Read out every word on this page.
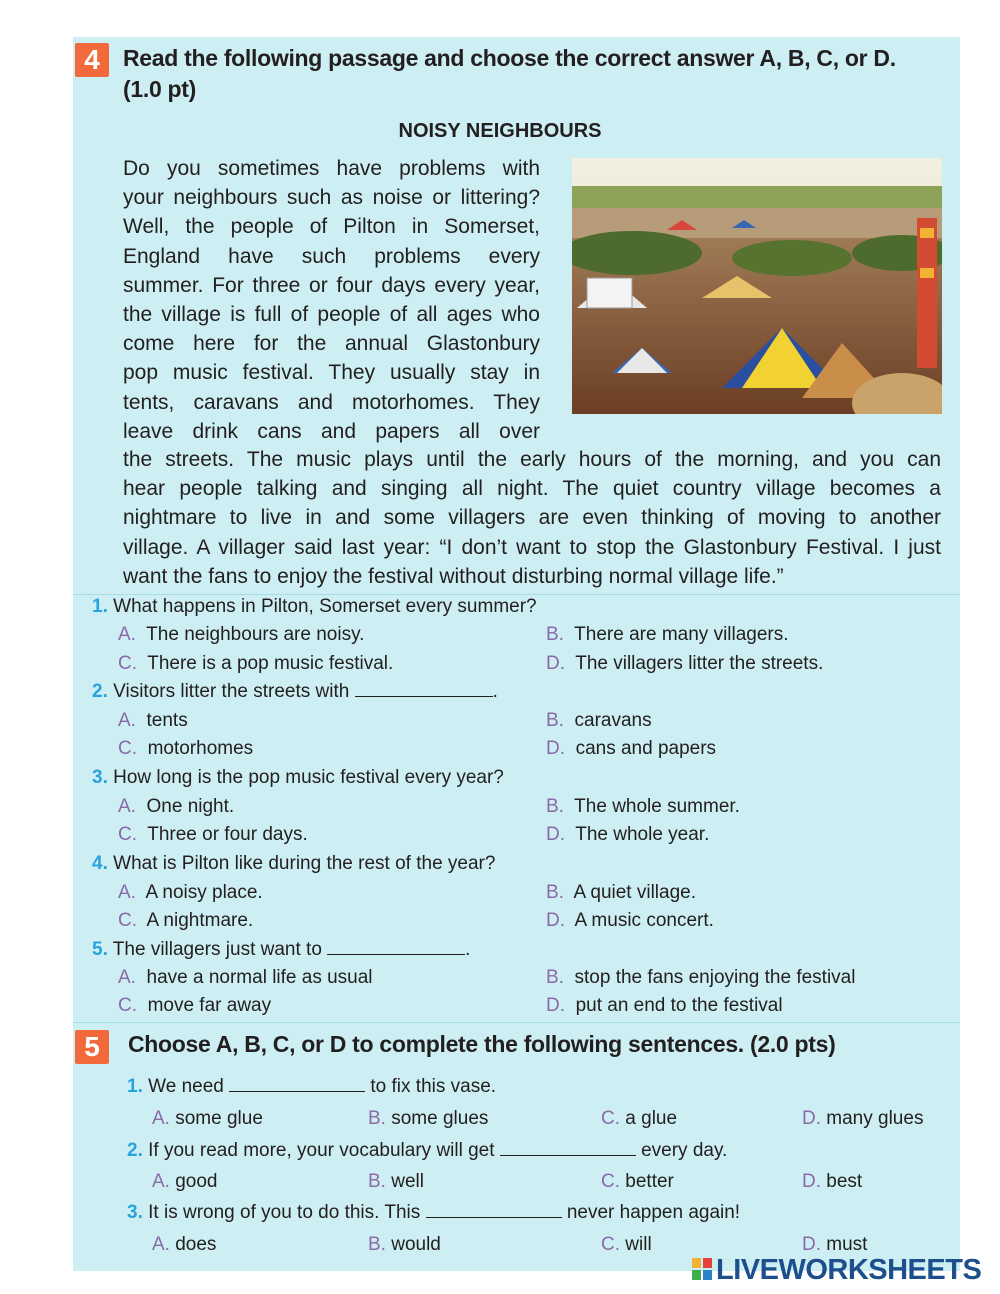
4	Read the following passage and choose the correct answer A, B, C, or D.
(1.0 pt)
NOISY NEIGHBOURS

Do you sometimes have problems with

your neighbours such as noise or littering?

Well, the people of Pilton in Somerset,

England have such problems every

summer. For three or four days every year,

the village is full of people of all ages who

come here for the annual Glastonbury

pop music festival. They usually stay in

tents, caravans and motorhomes. They

leave drink cans and papers all over

the streets. The music plays until the early hours of the morning, and you can

hear people talking and singing all night. The quiet country village becomes a

nightmare to live in and some villagers are even thinking of moving to another

village. A villager said last year: “I don’t want to stop the Glastonbury Festival. I just

want the fans to enjoy the festival without disturbing normal village life.”

1. What happens in Pilton, Somerset every summer?
A. The neighbours are noisy.	B. There are many villagers.
C. There is a pop music festival.	D. The villagers litter the streets.
2. Visitors litter the streets with	.
A. tents	B. caravans
C. motorhomes	D. cans and papers
3. How long is the pop music festival every year?
A. One night.	B. The whole summer.
C. Three or four days.	D. The whole year.
4. What is Pilton like during the rest of the year?
A. A noisy place.	B. A quiet village.
C. A nightmare.	D. A music concert.
5. The villagers just want to	.
A. have a normal life as usual	B. stop the fans enjoying the festival
C. move far away	D. put an end to the festival
5	Choose A, B, C, or D to complete the following sentences. (2.0 pts)
1. We need	to fix this vase.
A. some glue	B. some glues	C. a glue	D. many glues
2. If you read more, your vocabulary will get	every day.
A. good	B. well	C. better	D. best
3. It is wrong of you to do this. This	never happen again!
A. does	B. would	C. will	D. must
LIVEWORKSHEETS
